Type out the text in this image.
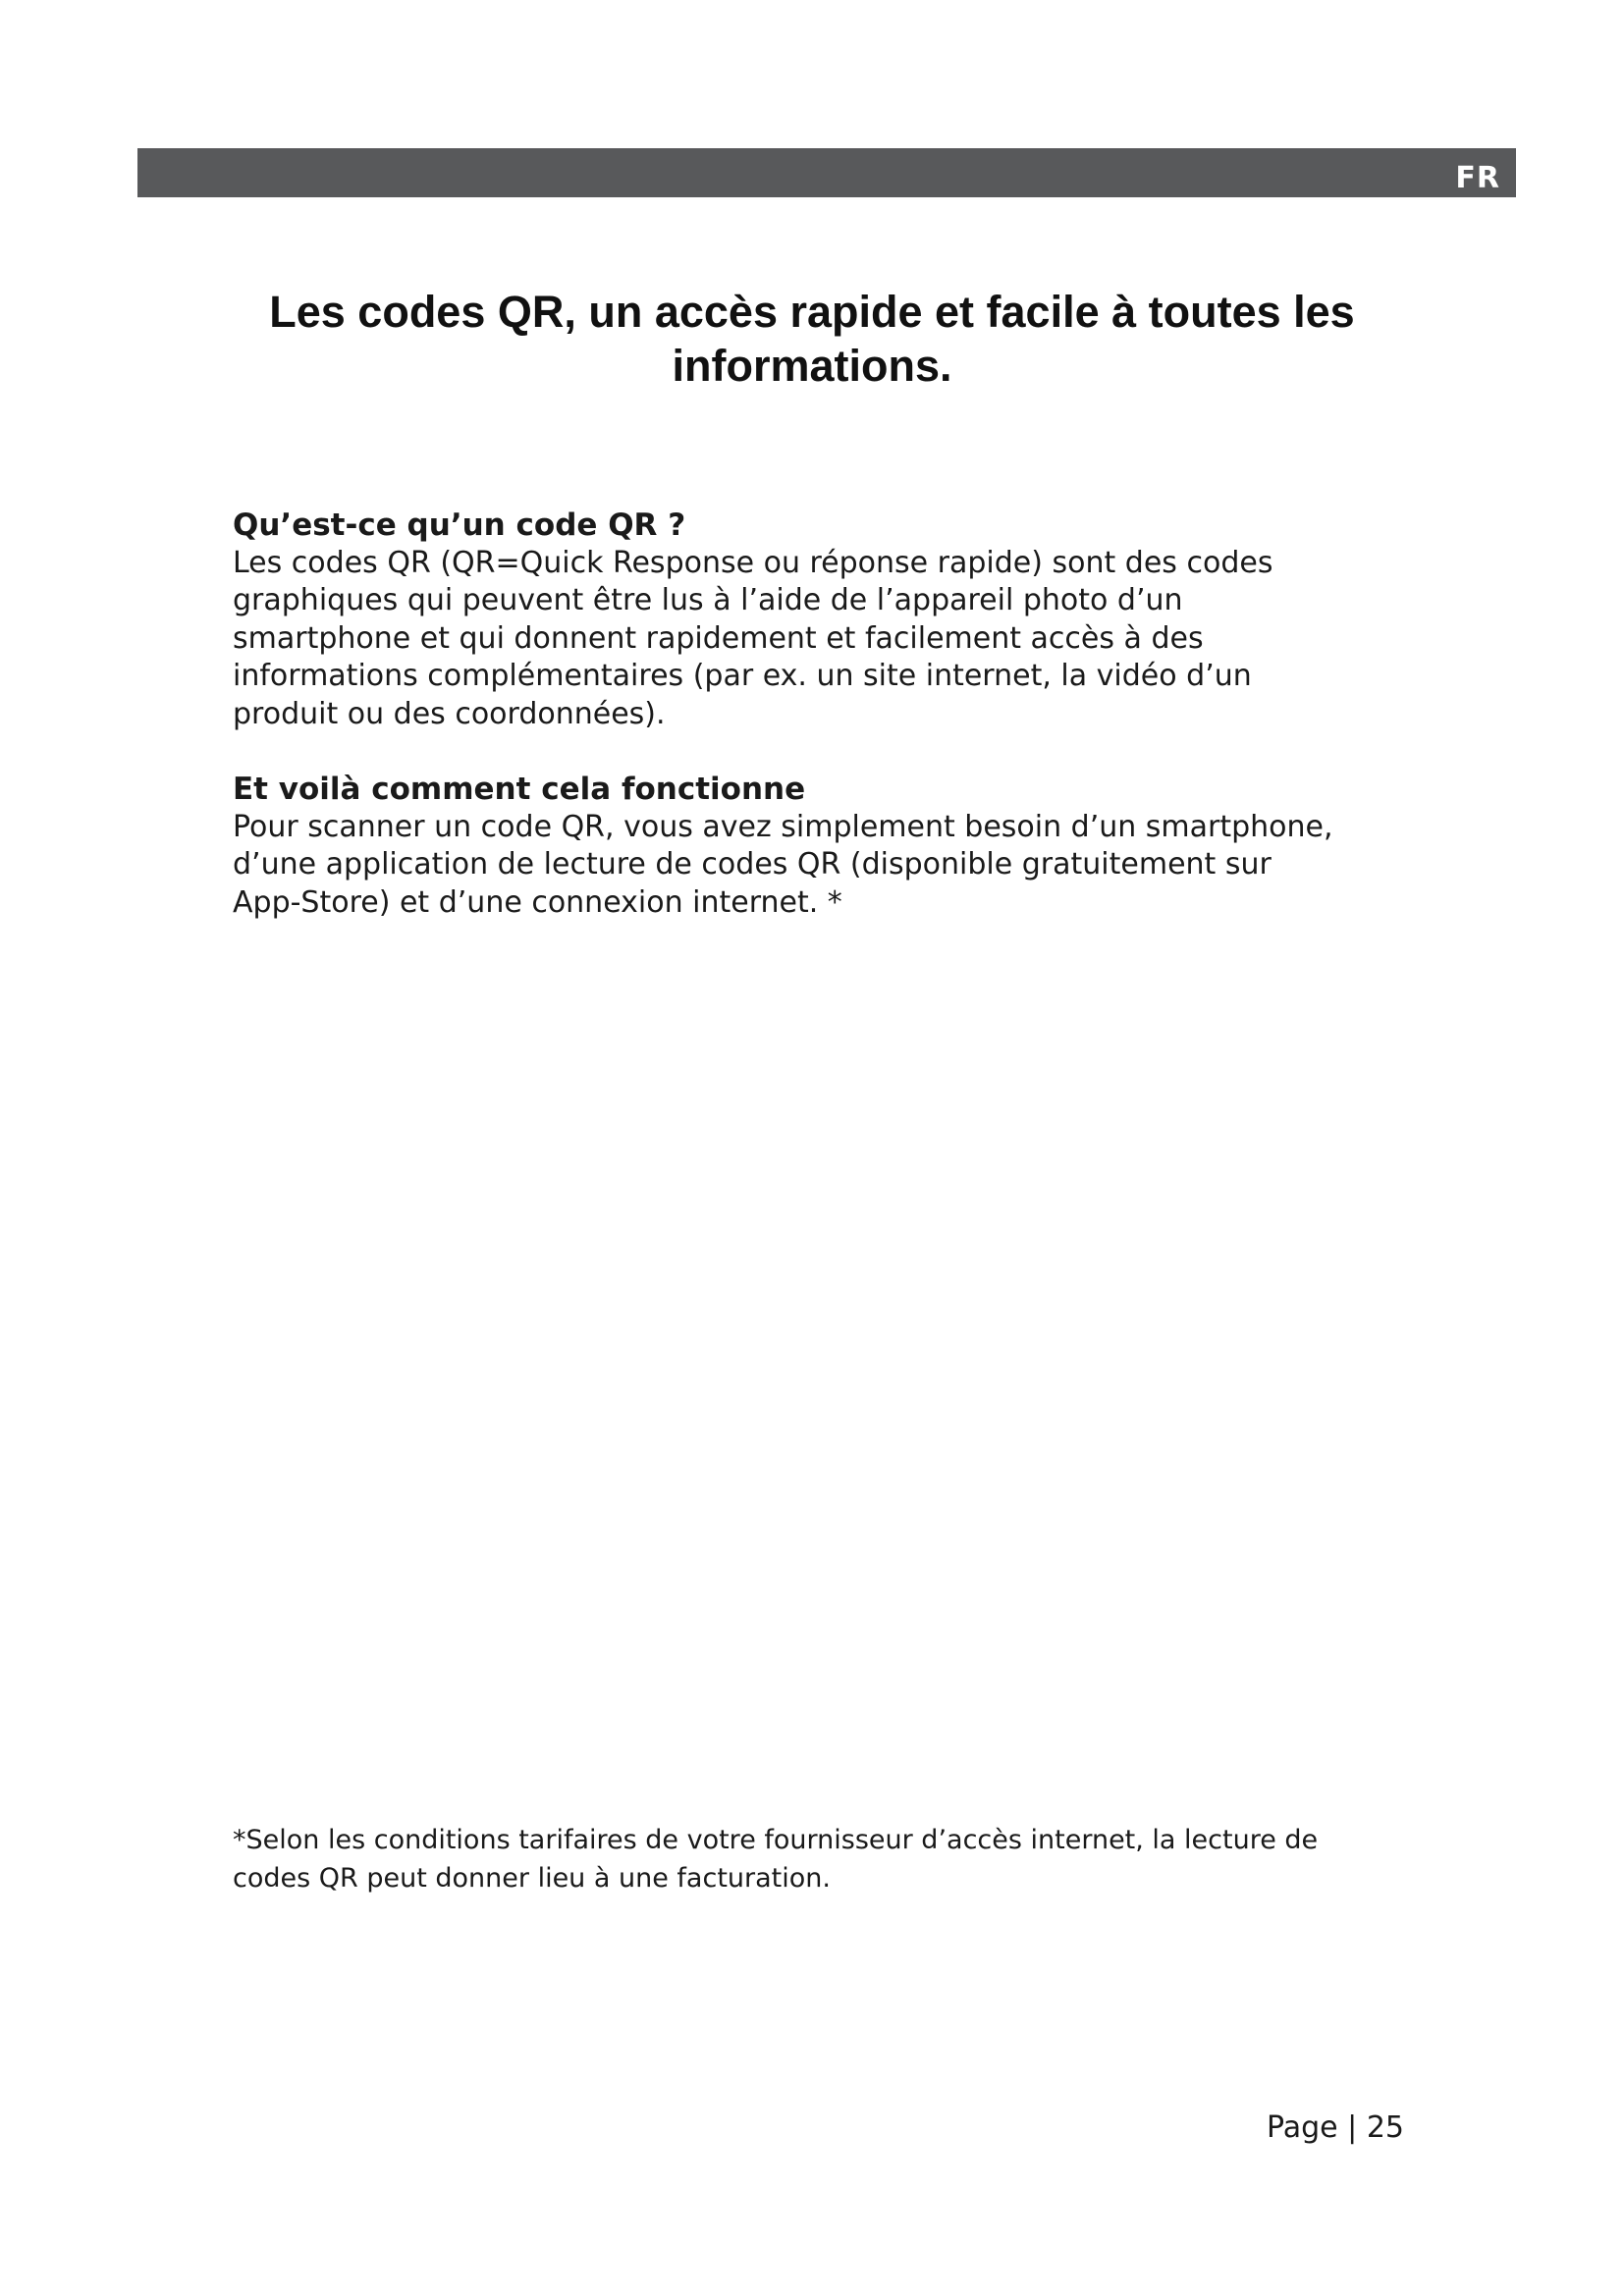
FR
Les codes QR, un accès rapide et facile à toutes les informations.
Qu’est-ce qu’un code QR ?

Les codes QR (QR=Quick Response ou réponse rapide) sont des codes
graphiques qui peuvent être lus à l’aide de l’appareil photo d’un
smartphone et qui donnent rapidement et facilement accès à des
informations complémentaires (par ex. un site internet, la vidéo d’un
produit ou des coordonnées).

Et voilà comment cela fonctionne

Pour scanner un code QR, vous avez simplement besoin d’un smartphone,
d’une application de lecture de codes QR (disponible gratuitement sur
App-Store) et d’une connexion internet. *

*Selon les conditions tarifaires de votre fournisseur d’accès internet, la lecture de
codes QR peut donner lieu à une facturation.

Page | 25
